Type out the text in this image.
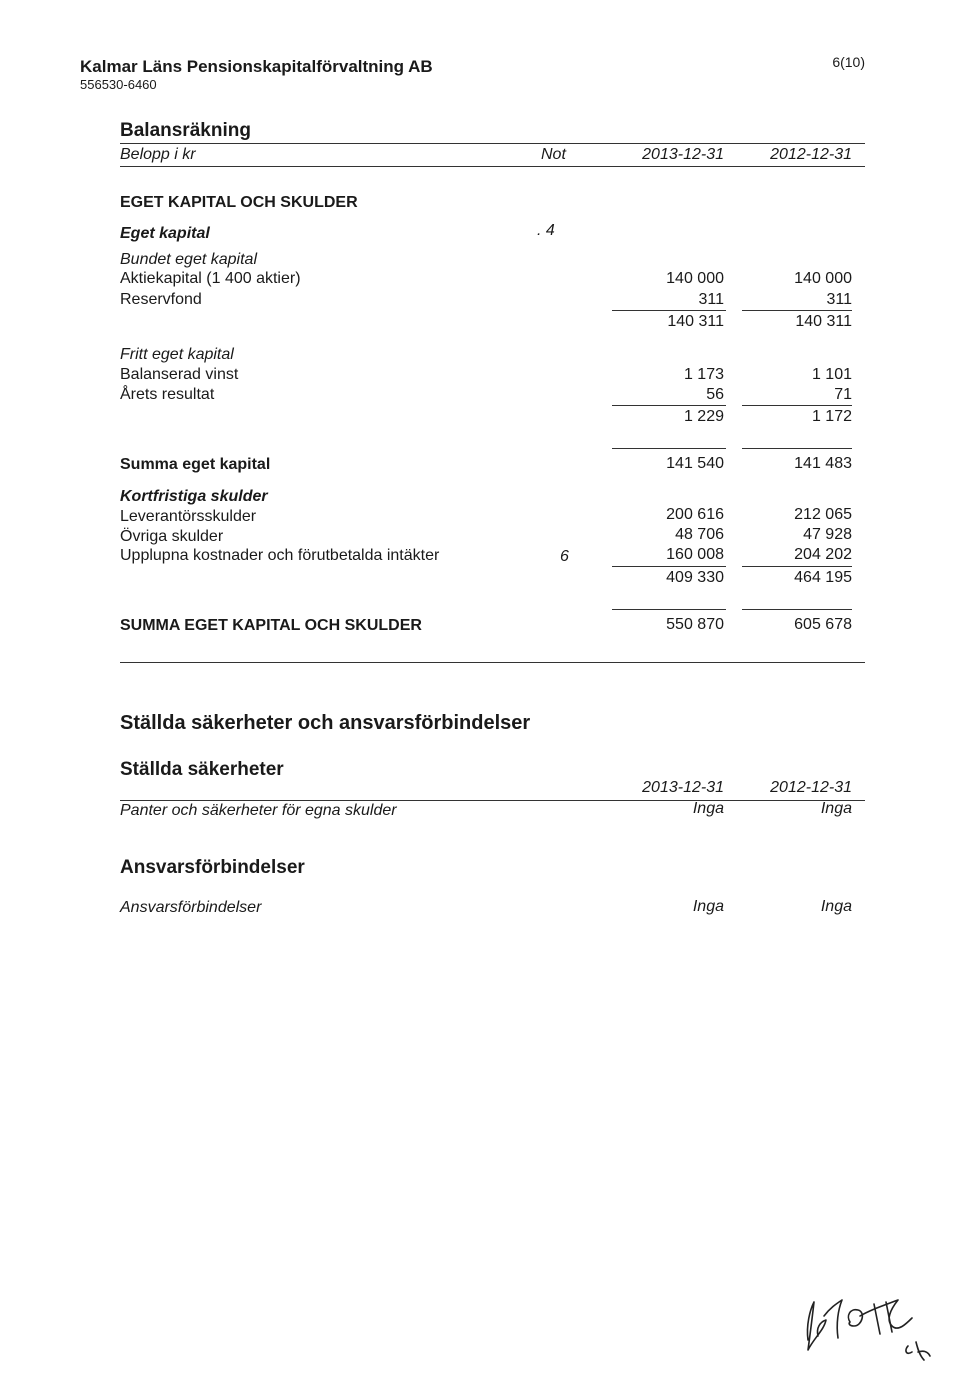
Kalmar Läns Pensionskapitalförvaltning AB
556530-6460
6(10)
Balansräkning
Belopp i kr	Not	2013-12-31	2012-12-31
EGET KAPITAL OCH SKULDER
Eget kapital	. 4
Bundet eget kapital
Aktiekapital (1 400 aktier)	140 000	140 000
Reservfond	311	311
140 311	140 311
Fritt eget kapital
Balanserad vinst	1 173	1 101
Årets resultat	56	71
1 229	1 172
Summa eget kapital	141 540	141 483
Kortfristiga skulder
Leverantörsskulder	200 616	212 065
Övriga skulder	48 706	47 928
Upplupna kostnader och förutbetalda intäkter	6	160 008	204 202
409 330	464 195
SUMMA EGET KAPITAL OCH SKULDER	550 870	605 678
Ställda säkerheter och ansvarsförbindelser
Ställda säkerheter
2013-12-31	2012-12-31
Panter och säkerheter för egna skulder	Inga	Inga
Ansvarsförbindelser
Ansvarsförbindelser	Inga	Inga
